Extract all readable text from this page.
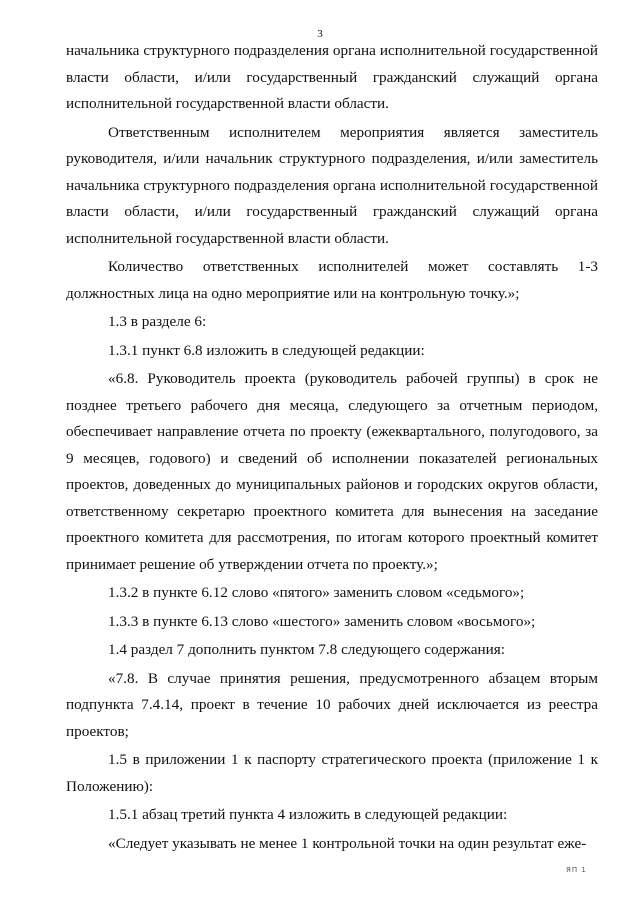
3

начальника структурного подразделения органа исполнительной государственной власти области, и/или государственный гражданский служащий органа исполнительной государственной власти области.

Ответственным исполнителем мероприятия является заместитель руководителя, и/или начальник структурного подразделения, и/или заместитель начальника структурного подразделения органа исполнительной государственной власти области, и/или государственный гражданский служащий органа исполнительной государственной власти области.

Количество ответственных исполнителей может составлять 1-3 должностных лица на одно мероприятие или на контрольную точку.»;

1.3 в разделе 6:

1.3.1 пункт 6.8 изложить в следующей редакции:

«6.8. Руководитель проекта (руководитель рабочей группы) в срок не позднее третьего рабочего дня месяца, следующего за отчетным периодом, обеспечивает направление отчета по проекту (ежеквартального, полугодового, за 9 месяцев, годового) и сведений об исполнении показателей региональных проектов, доведенных до муниципальных районов и городских округов области, ответственному секретарю проектного комитета для вынесения на заседание проектного комитета для рассмотрения, по итогам которого проектный комитет принимает решение об утверждении отчета по проекту.»;

1.3.2 в пункте 6.12 слово «пятого» заменить словом «седьмого»;

1.3.3 в пункте 6.13 слово «шестого» заменить словом «восьмого»;

1.4 раздел 7 дополнить пунктом 7.8 следующего содержания:

«7.8. В случае принятия решения, предусмотренного абзацем вторым подпункта 7.4.14, проект в течение 10 рабочих дней исключается из реестра проектов;

1.5 в приложении 1 к паспорту стратегического проекта (приложение 1 к Положению):

1.5.1 абзац третий пункта 4 изложить в следующей редакции:

«Следует указывать не менее 1 контрольной точки на один результат еже-

ЯП 1
